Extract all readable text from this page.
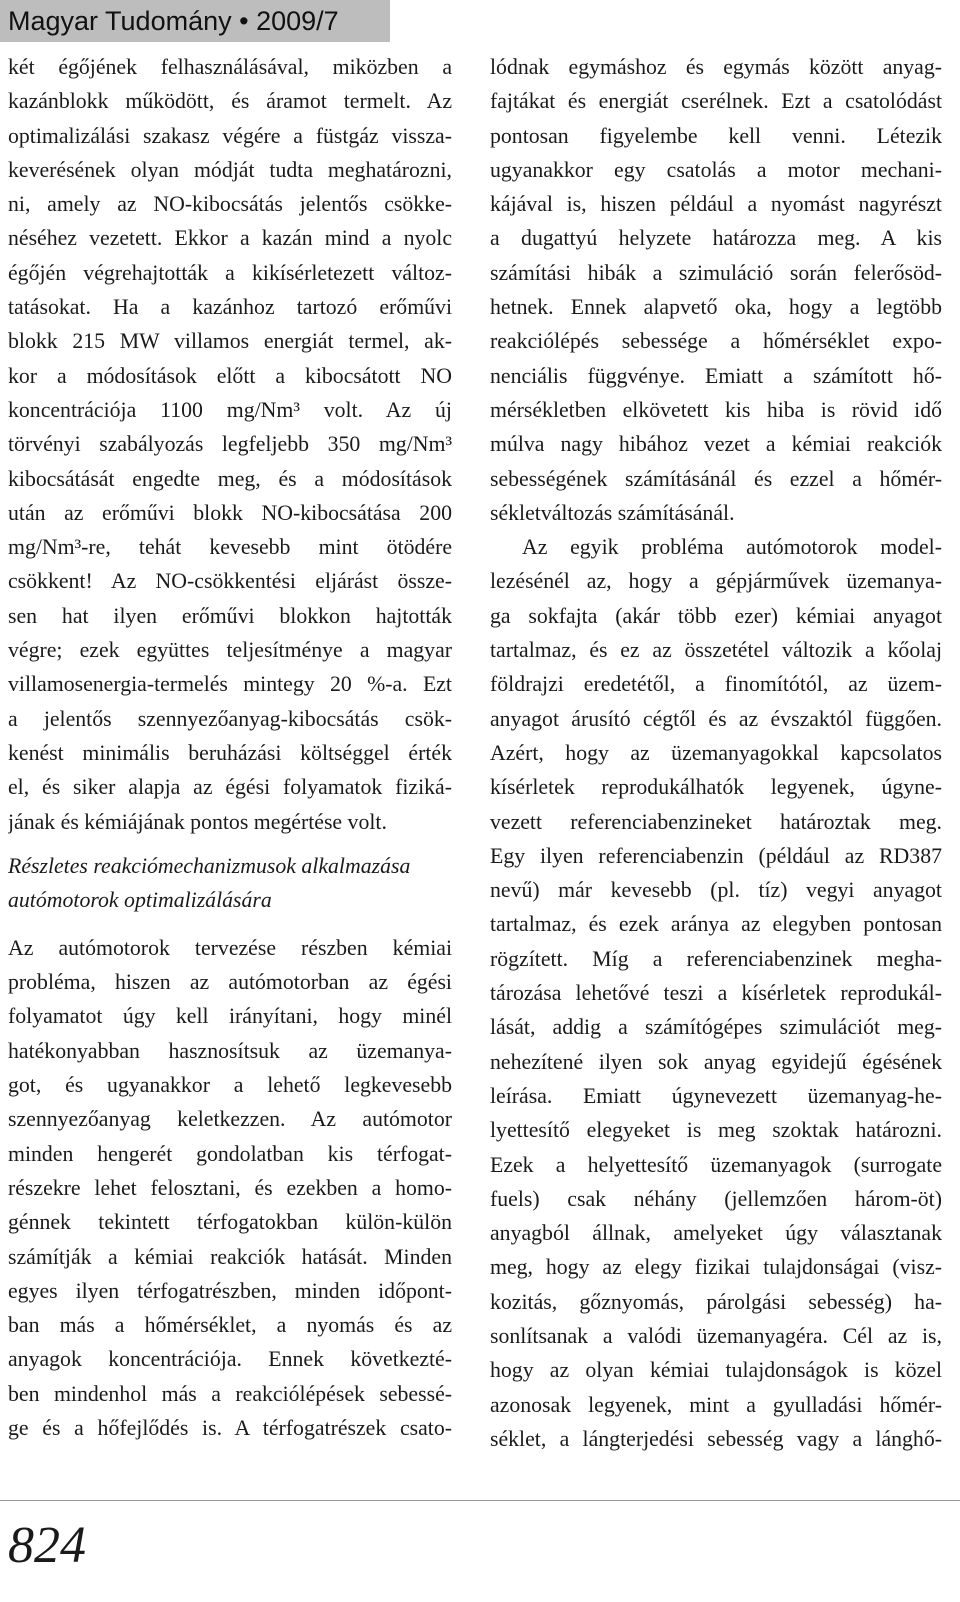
Magyar Tudomány • 2009/7
két égőjének felhasználásával, miközben a
kazánblokk működött, és áramot termelt. Az
optimalizálási szakasz végére a füstgáz vissza-
keverésének olyan módját tudta meghatározni,
ni, amely az NO-kibocsátás jelentős csökke-
néséhez vezetett. Ekkor a kazán mind a nyolc
égőjén végrehajtották a kikísérletezett változ-
tatásokat. Ha a kazánhoz tartozó erőművi
blokk 215 MW villamos energiát termel, ak-
kor a módosítások előtt a kibocsátott NO
koncentrációja 1100 mg/Nm³ volt. Az új
törvényi szabályozás legfeljebb 350 mg/Nm³
kibocsátását engedte meg, és a módosítások
után az erőművi blokk NO-kibocsátása 200
mg/Nm³-re, tehát kevesebb mint ötödére
csökkent! Az NO-csökkentési eljárást össze-
sen hat ilyen erőművi blokkon hajtották
végre; ezek együttes teljesítménye a magyar
villamosenergia-termelés mintegy 20 %-a. Ezt
a jelentős szennyezőanyag-kibocsátás csök-
kenést minimális beruházási költséggel érték
el, és siker alapja az égési folyamatok fiziká-
jának és kémiájának pontos megértése volt.
Részletes reakciómechanizmusok alkalmazása
autómotorok optimalizálására
Az autómotorok tervezése részben kémiai
probléma, hiszen az autómotorban az égési
folyamatot úgy kell irányítani, hogy minél
hatékonyabban hasznosítsuk az üzemanya-
got, és ugyanakkor a lehető legkevesebb
szennyezőanyag keletkezzen. Az autómotor
minden hengerét gondolatban kis térfogat-
részekre lehet felosztani, és ezekben a homo-
génnek tekintett térfogatokban külön-külön
számítják a kémiai reakciók hatását. Minden
egyes ilyen térfogatrészben, minden időpont-
ban más a hőmérséklet, a nyomás és az
anyagok koncentrációja. Ennek következté-
ben mindenhol más a reakciólépések sebessé-
ge és a hőfejlődés is. A térfogatrészek csato-
lódnak egymáshoz és egymás között anyag-
fajtákat és energiát cserélnek. Ezt a csatolódást
pontosan figyelembe kell venni. Létezik
ugyanakkor egy csatolás a motor mechani-
kájával is, hiszen például a nyomást nagyrészt
a dugattyú helyzete határozza meg. A kis
számítási hibák a szimuláció során felerősöd-
hetnek. Ennek alapvető oka, hogy a legtöbb
reakciólépés sebessége a hőmérséklet expo-
nenciális függvénye. Emiatt a számított hő-
mérsékletben elkövetett kis hiba is rövid idő
múlva nagy hibához vezet a kémiai reakciók
sebességének számításánál és ezzel a hőmér-
sékletváltozás számításánál.
Az egyik probléma autómotorok model-
lezésénél az, hogy a gépjárművek üzemanya-
ga sokfajta (akár több ezer) kémiai anyagot
tartalmaz, és ez az összetétel változik a kőolaj
földrajzi eredetétől, a finomítótól, az üzem-
anyagot árusító cégtől és az évszaktól függően.
Azért, hogy az üzemanyagokkal kapcsolatos
kísérletek reprodukálhatók legyenek, úgyne-
vezett referenciabenzineket határoztak meg.
Egy ilyen referenciabenzin (például az RD387
nevű) már kevesebb (pl. tíz) vegyi anyagot
tartalmaz, és ezek aránya az elegyben pontosan
rögzített. Míg a referenciabenzinek megha-
tározása lehetővé teszi a kísérletek reprodukál-
lását, addig a számítógépes szimulációt meg-
nehezítené ilyen sok anyag egyidejű égésének
leírása. Emiatt úgynevezett üzemanyag-he-
lyettesítő elegyeket is meg szoktak határozni.
Ezek a helyettesítő üzemanyagok (surrogate
fuels) csak néhány (jellemzően három-öt)
anyagból állnak, amelyeket úgy választanak
meg, hogy az elegy fizikai tulajdonságai (visz-
kozitás, gőznyomás, párolgási sebesség) ha-
sonlítsanak a valódi üzemanyagéra. Cél az is,
hogy az olyan kémiai tulajdonságok is közel
azonosak legyenek, mint a gyulladási hőmér-
séklet, a lángterjedési sebesség vagy a lánghő-
824
